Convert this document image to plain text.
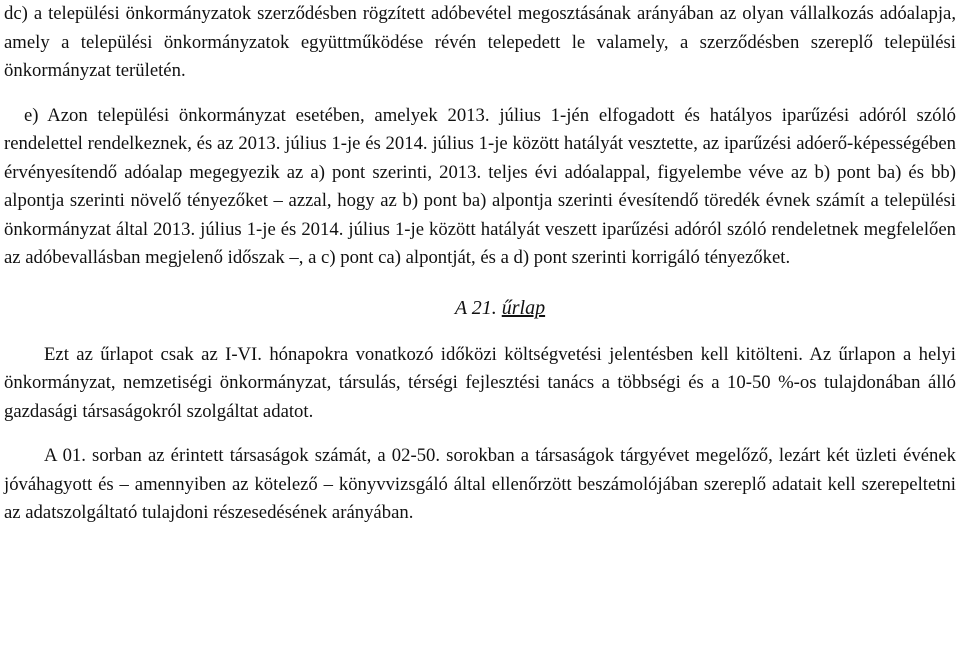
dc) a települési önkormányzatok szerződésben rögzített adóbevétel megosztásának arányában az olyan vállalkozás adóalapja, amely a települési önkormányzatok együttműködése révén telepedett le valamely, a szerződésben szereplő települési önkormányzat területén.

e) Azon települési önkormányzat esetében, amelyek 2013. július 1-jén elfogadott és hatályos iparűzési adóról szóló rendelettel rendelkeznek, és az 2013. július 1-je és 2014. július 1-je között hatályát vesztette, az iparűzési adóerő-képességében érvényesítendő adóalap megegyezik az a) pont szerinti, 2013. teljes évi adóalappal, figyelembe véve az b) pont ba) és bb) alpontja szerinti növelő tényezőket – azzal, hogy az b) pont ba) alpontja szerinti évesítendő töredék évnek számít a települési önkormányzat által 2013. július 1-je és 2014. július 1-je között hatályát veszett iparűzési adóról szóló rendeletnek megfelelően az adóbevallásban megjelenő időszak –, a c) pont ca) alpontját, és a d) pont szerinti korrigáló tényezőket.

A 21. űrlap

Ezt az űrlapot csak az I-VI. hónapokra vonatkozó időközi költségvetési jelentésben kell kitölteni. Az űrlapon a helyi önkormányzat, nemzetiségi önkormányzat, társulás, térségi fejlesztési tanács a többségi és a 10-50 %-os tulajdonában álló gazdasági társaságokról szolgáltat adatot.

A 01. sorban az érintett társaságok számát, a 02-50. sorokban a társaságok tárgyévet megelőző, lezárt két üzleti évének jóváhagyott és – amennyiben az kötelező – könyvvizsgáló által ellenőrzött beszámolójában szereplő adatait kell szerepeltetni az adatszolgáltató tulajdoni részesedésének arányában.
